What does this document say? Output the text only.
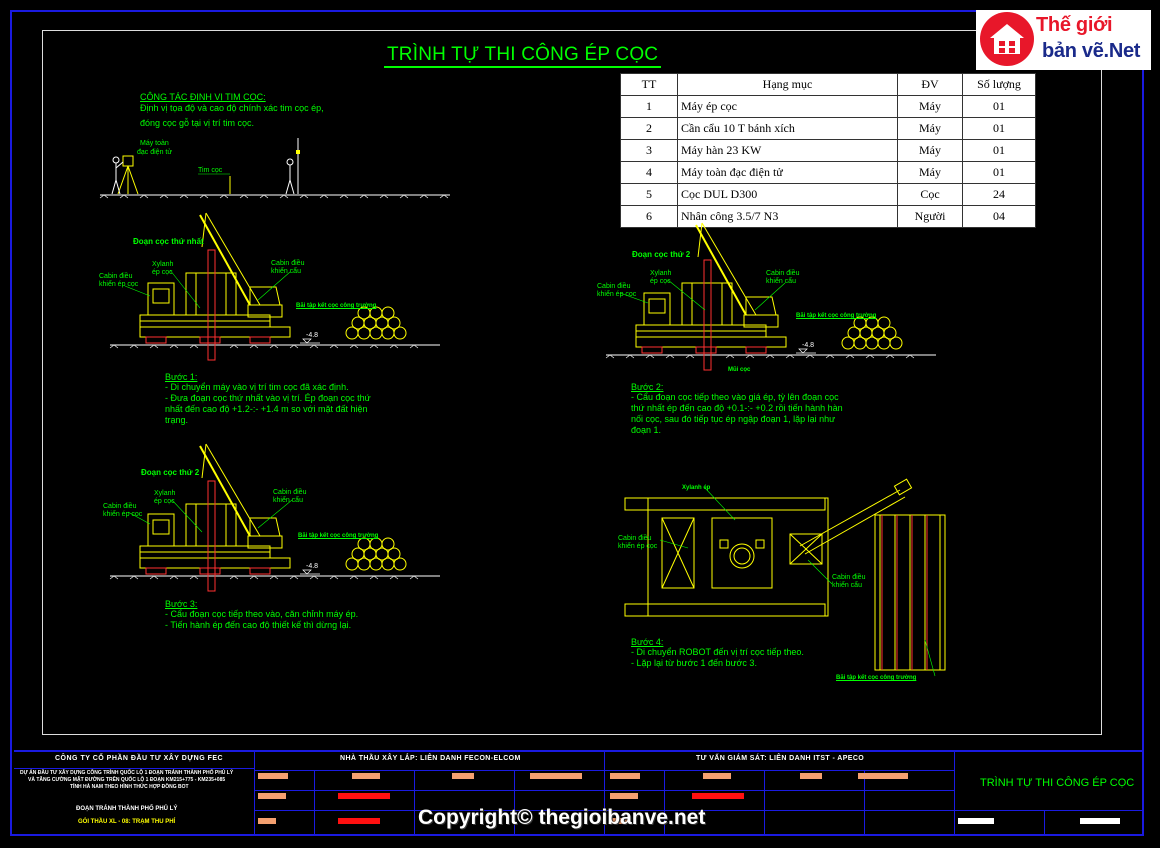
TRÌNH TỰ THI CÔNG ÉP CỌC
Thế giới
bản vẽ.Net
TT	Hạng mục	ĐV	Số lượng
1	Máy ép cọc	Máy	01
2	Cần cẩu 10 T bánh xích	Máy	01
3	Máy hàn 23 KW	Máy	01
4	Máy toàn đạc điện tử	Máy	01
5	Cọc DUL D300	Cọc	24
6	Nhân công 3.5/7 N3	Người	04
CÔNG TÁC ĐỊNH VỊ TIM CỌC:
Định vị tọa độ và cao độ chính xác tim cọc ép,
đóng cọc gỗ tại vị trí tim cọc.
Máy toàn
đạc điện tử
Tim cọc
Đoạn cọc thứ nhất
Xylanh
ép cọc
Cabin điều
khiển cẩu
Cabin điều
khiển ép cọc
Bãi tập kết cọc công trường
-4.8
Đoạn cọc thứ 2
Xylanh
ép cọc
Cabin điều
khiển cẩu
Cabin điều
khiển ép cọc
Bãi tập kết cọc công trường
-4.8
Mũi cọc
Đoạn cọc thứ 2
Xylanh
ép cọc
Cabin điều
khiển cẩu
Cabin điều
khiển ép cọc
Bãi tập kết cọc công trường
-4.8
Xylanh ép
Cabin điều
khiển ép cọc
Cabin điều
khiển cẩu
Bãi tập kết cọc công trường
Bước 1:
- Di chuyển máy vào vị trí tim cọc đã xác định.
- Đưa đoạn cọc thứ nhất vào vị trí. Ép đoạn cọc thứ
nhất đến cao độ +1.2-:- +1.4 m so với mặt đất hiện
trạng.
Bước 2:
- Cẩu đoạn cọc tiếp theo vào giá ép, tỳ lên đoạn cọc
thứ nhất ép đến cao độ +0.1-:- +0.2 rồi tiến hành hàn
nối cọc, sau đó tiếp tục ép ngập đoạn 1, lặp lại như
đoạn 1.
Bước 3:
- Cẩu đoạn cọc tiếp theo vào, căn chỉnh máy ép.
- Tiến hành ép đến cao độ thiết kế thì dừng lại.
Bước 4:
- Di chuyển ROBOT đến vị trí cọc tiếp theo.
- Lặp lại từ bước 1 đến bước 3.
CÔNG TY CỔ PHẦN ĐẦU TƯ XÂY DỰNG FEC
DỰ ÁN ĐẦU TƯ XÂY DỰNG CÔNG TRÌNH QUỐC LỘ 1 ĐOẠN TRÁNH THÀNH PHỐ PHỦ LÝ
VÀ TĂNG CƯỜNG MẶT ĐƯỜNG TRÊN QUỐC LỘ 1 ĐOẠN KM215+775 - KM235+085
TỈNH HÀ NAM THEO HÌNH THỨC HỢP ĐỒNG BOT
ĐOẠN TRÁNH THÀNH PHỐ PHỦ LÝ
GÓI THẦU XL - 08: TRẠM THU PHÍ
NHÀ THẦU XÂY LẮP: LIÊN DANH FECON-ELCOM	TƯ VẤN GIÁM SÁT: LIÊN DANH ITST - APECO
TRÌNH TỰ THI CÔNG ÉP CỌC
Copyright© thegioibanve.net
